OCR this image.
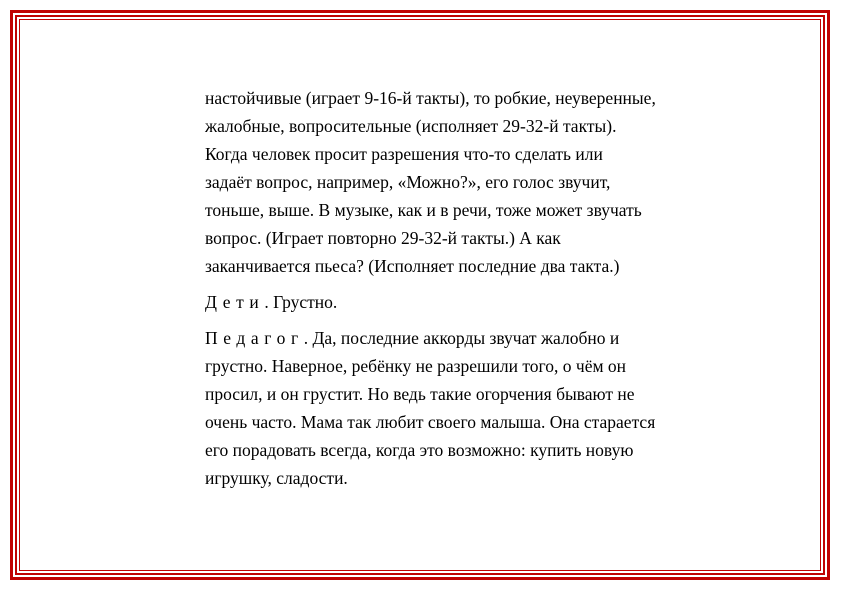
настойчивые (играет 9-16-й такты), то робкие, неуверенные,
жалобные, вопросительные (исполняет 29-32-й такты).
Когда человек просит разрешения что-то сделать или
задаёт вопрос, например, «Можно?», его голос звучит,
тоньше, выше. В музыке, как и в речи, тоже может звучать
вопрос. (Играет повторно 29-32-й такты.) А как
заканчивается пьеса? (Исполняет последние два такта.)

Дети. Грустно.

Педагог. Да, последние аккорды звучат жалобно и
грустно. Наверное, ребёнку не разрешили того, о чём он
просил, и он грустит. Но ведь такие огорчения бывают не
очень часто. Мама так любит своего малыша. Она старается
его порадовать всегда, когда это возможно: купить новую
игрушку, сладости.
